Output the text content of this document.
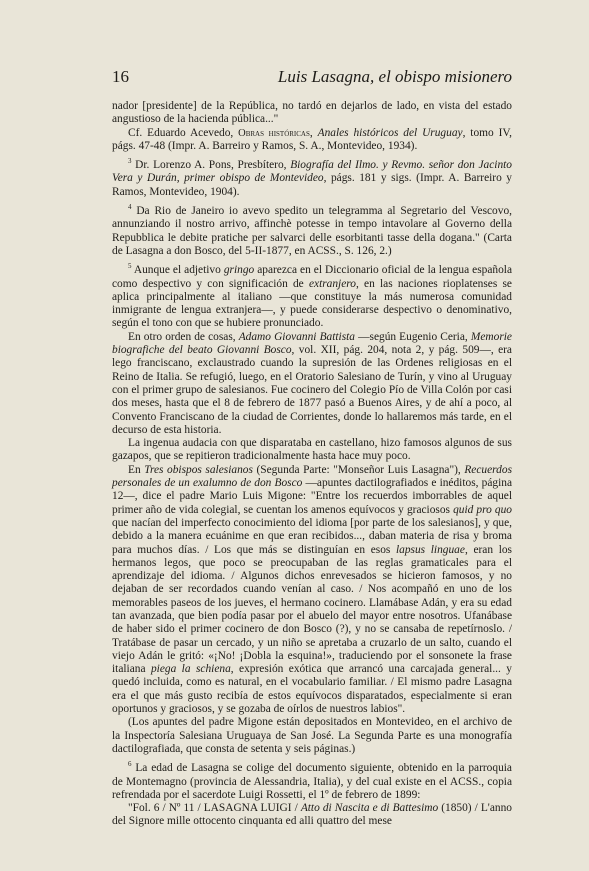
16	Luis Lasagna, el obispo misionero

nador [presidente] de la República, no tardó en dejarlos de lado, en vista del estado angustioso de la hacienda pública..."

Cf. Eduardo Acevedo, Obras históricas, Anales históricos del Uruguay, tomo IV, págs. 47-48 (Impr. A. Barreiro y Ramos, S. A., Montevideo, 1934).

$^3$ Dr. Lorenzo A. Pons, Presbítero, Biografía del Ilmo. y Revmo. señor don Jacinto Vera y Durán, primer obispo de Montevideo, págs. 181 y sigs. (Impr. A. Barreiro y Ramos, Montevideo, 1904).

$^4$ Da Rio de Janeiro io avevo spedito un telegramma al Segretario del Vescovo, annunziando il nostro arrivo, affinchè potesse in tempo intavolare al Governo della Repubblica le debite pratiche per salvarci delle esorbitanti tasse della dogana." (Carta de Lasagna a don Bosco, del 5-II-1877, en ACSS., S. 126, 2.)

$^5$ Aunque el adjetivo gringo aparezca en el Diccionario oficial de la lengua española como despectivo y con significación de extranjero, en las naciones rioplatenses se aplica principalmente al italiano —que constituye la más numerosa comunidad inmigrante de lengua extranjera—, y puede considerarse despectivo o denominativo, según el tono con que se hubiere pronunciado.

En otro orden de cosas, Adamo Giovanni Battista —según Eugenio Ceria, Memorie biografiche del beato Giovanni Bosco, vol. XII, pág. 204, nota 2, y pág. 509—, era lego franciscano, exclaustrado cuando la supresión de las Ordenes religiosas en el Reino de Italia. Se refugió, luego, en el Oratorio Salesiano de Turín, y vino al Uruguay con el primer grupo de salesianos. Fue cocinero del Colegio Pío de Villa Colón por casi dos meses, hasta que el 8 de febrero de 1877 pasó a Buenos Aires, y de ahí a poco, al Convento Franciscano de la ciudad de Corrientes, donde lo hallaremos más tarde, en el decurso de esta historia.

La ingenua audacia con que disparataba en castellano, hizo famosos algunos de sus gazapos, que se repitieron tradicionalmente hasta hace muy poco.

En Tres obispos salesianos (Segunda Parte: "Monseñor Luis Lasagna"), Recuerdos personales de un exalumno de don Bosco —apuntes dactilografiados e inéditos, página 12—, dice el padre Mario Luis Migone: "Entre los recuerdos imborrables de aquel primer año de vida colegial, se cuentan los amenos equívocos y graciosos quid pro quo que nacían del imperfecto conocimiento del idioma [por parte de los salesianos], y que, debido a la manera ecuánime en que eran recibidos..., daban materia de risa y broma para muchos días. / Los que más se distinguían en esos lapsus linguae, eran los hermanos legos, que poco se preocupaban de las reglas gramaticales para el aprendizaje del idioma. / Algunos dichos enrevesados se hicieron famosos, y no dejaban de ser recordados cuando venían al caso. / Nos acompañó en uno de los memorables paseos de los jueves, el hermano cocinero. Llamábase Adán, y era su edad tan avanzada, que bien podía pasar por el abuelo del mayor entre nosotros. Ufanábase de haber sido el primer cocinero de don Bosco (?), y no se cansaba de repetírnoslo. / Tratábase de pasar un cercado, y un niño se apretaba a cruzarlo de un salto, cuando el viejo Adán le gritó: «¡No! ¡Dobla la esquina!», traduciendo por el sonsonete la frase italiana piega la schiena, expresión exótica que arrancó una carcajada general... y quedó incluida, como es natural, en el vocabulario familiar. / El mismo padre Lasagna era el que más gusto recibía de estos equívocos disparatados, especialmente si eran oportunos y graciosos, y se gozaba de oírlos de nuestros labios".

(Los apuntes del padre Migone están depositados en Montevideo, en el archivo de la Inspectoría Salesiana Uruguaya de San José. La Segunda Parte es una monografía dactilografiada, que consta de setenta y seis páginas.)

$^6$ La edad de Lasagna se colige del documento siguiente, obtenido en la parroquia de Montemagno (provincia de Alessandria, Italia), y del cual existe en el ACSS., copia refrendada por el sacerdote Luigi Rossetti, el 1º de febrero de 1899:

"Fol. 6 / Nº 11 / LASAGNA LUIGI / Atto di Nascita e di Battesimo (1850) / L'anno del Signore mille ottocento cinquanta ed alli quattro del mese
